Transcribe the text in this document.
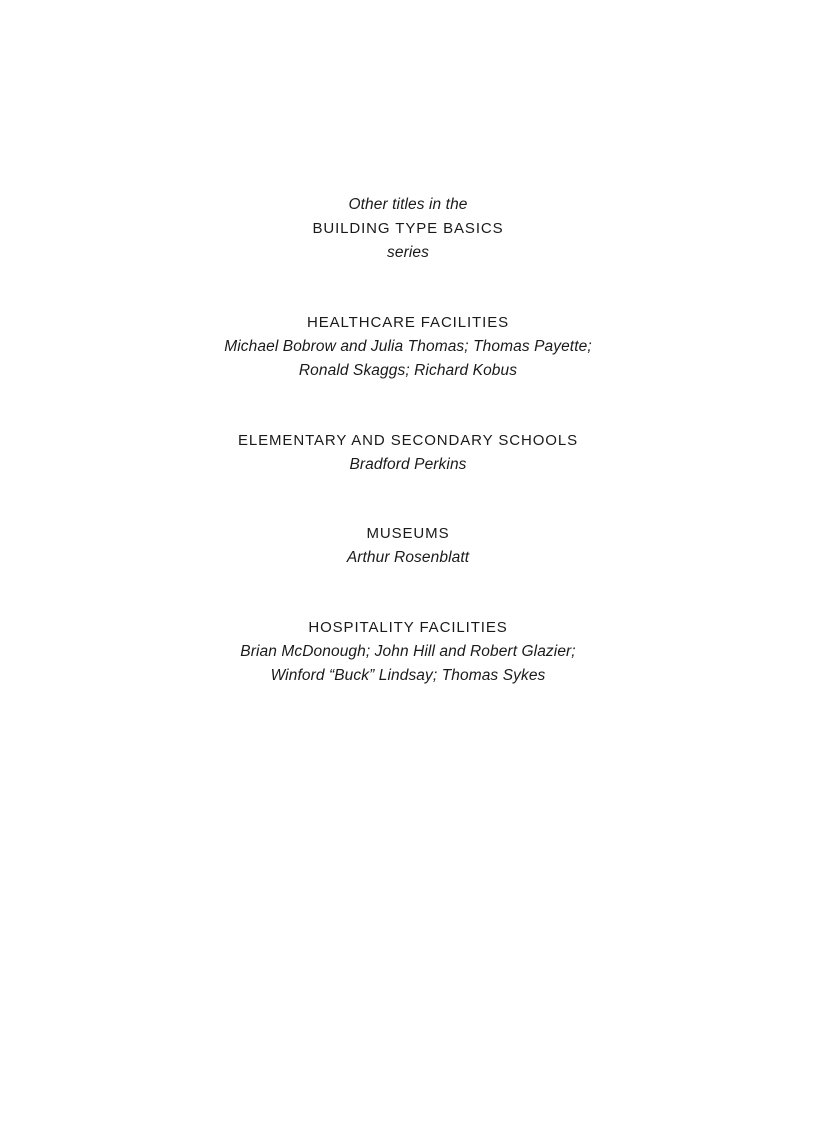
Other titles in the
BUILDING TYPE BASICS
series
HEALTHCARE FACILITIES
Michael Bobrow and Julia Thomas; Thomas Payette;
Ronald Skaggs; Richard Kobus
ELEMENTARY AND SECONDARY SCHOOLS
Bradford Perkins
MUSEUMS
Arthur Rosenblatt
HOSPITALITY FACILITIES
Brian McDonough; John Hill and Robert Glazier;
Winford “Buck” Lindsay; Thomas Sykes
